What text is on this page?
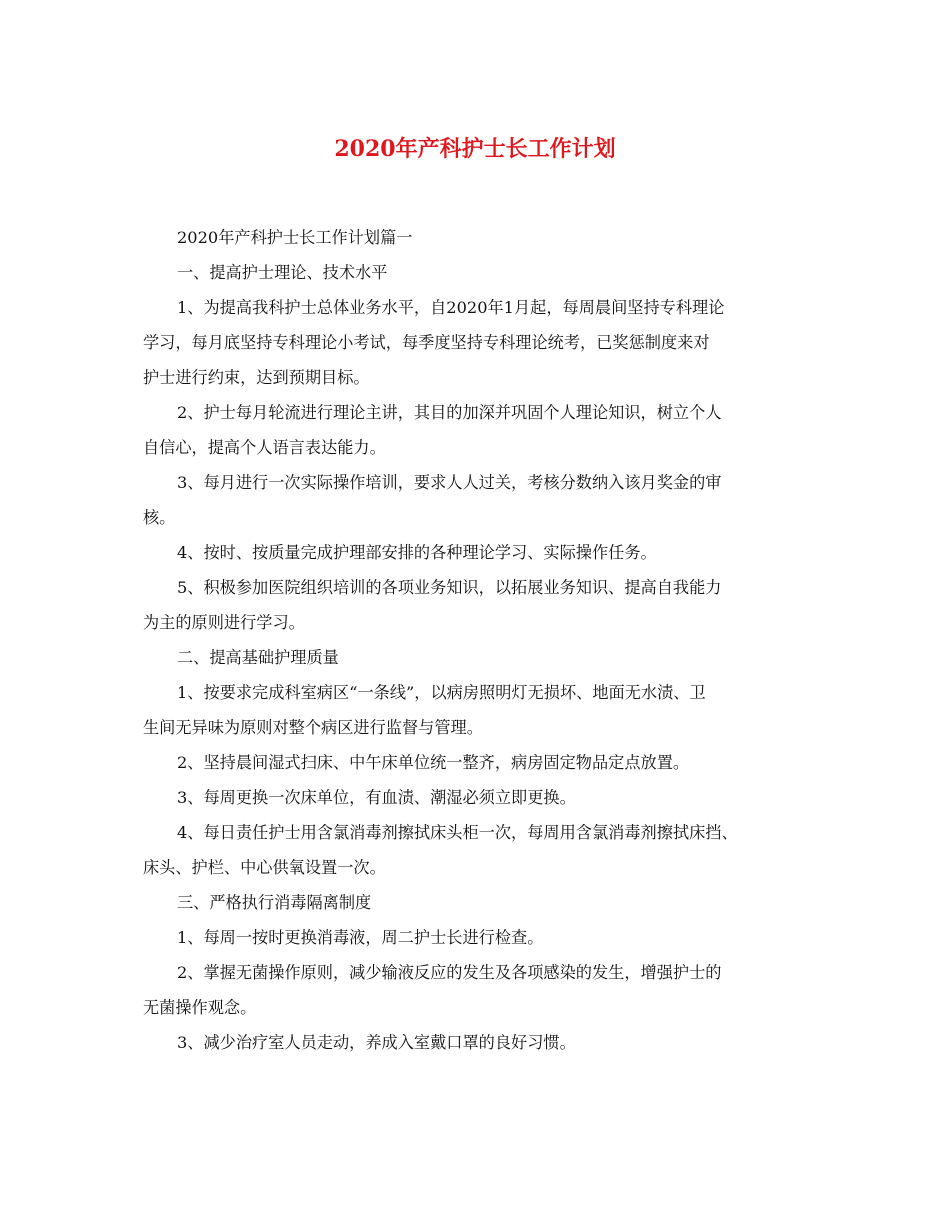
2020年产科护士长工作计划

2020年产科护士长工作计划篇一

一、提高护士理论、技术水平

1、为提高我科护士总体业务水平，自2020年1月起，每周晨间坚持专科理论
学习，每月底坚持专科理论小考试，每季度坚持专科理论统考，已奖惩制度来对
护士进行约束，达到预期目标。

2、护士每月轮流进行理论主讲，其目的加深并巩固个人理论知识，树立个人
自信心，提高个人语言表达能力。

3、每月进行一次实际操作培训，要求人人过关，考核分数纳入该月奖金的审
核。

4、按时、按质量完成护理部安排的各种理论学习、实际操作任务。

5、积极参加医院组织培训的各项业务知识，以拓展业务知识、提高自我能力
为主的原则进行学习。

二、提高基础护理质量

1、按要求完成科室病区“一条线”，以病房照明灯无损坏、地面无水渍、卫
生间无异味为原则对整个病区进行监督与管理。

2、坚持晨间湿式扫床、中午床单位统一整齐，病房固定物品定点放置。

3、每周更换一次床单位，有血渍、潮湿必须立即更换。

4、每日责任护士用含氯消毒剂擦拭床头柜一次，每周用含氯消毒剂擦拭床挡、
床头、护栏、中心供氧设置一次。

三、严格执行消毒隔离制度

1、每周一按时更换消毒液，周二护士长进行检查。

2、掌握无菌操作原则，减少输液反应的发生及各项感染的发生，增强护士的
无菌操作观念。

3、减少治疗室人员走动，养成入室戴口罩的良好习惯。
